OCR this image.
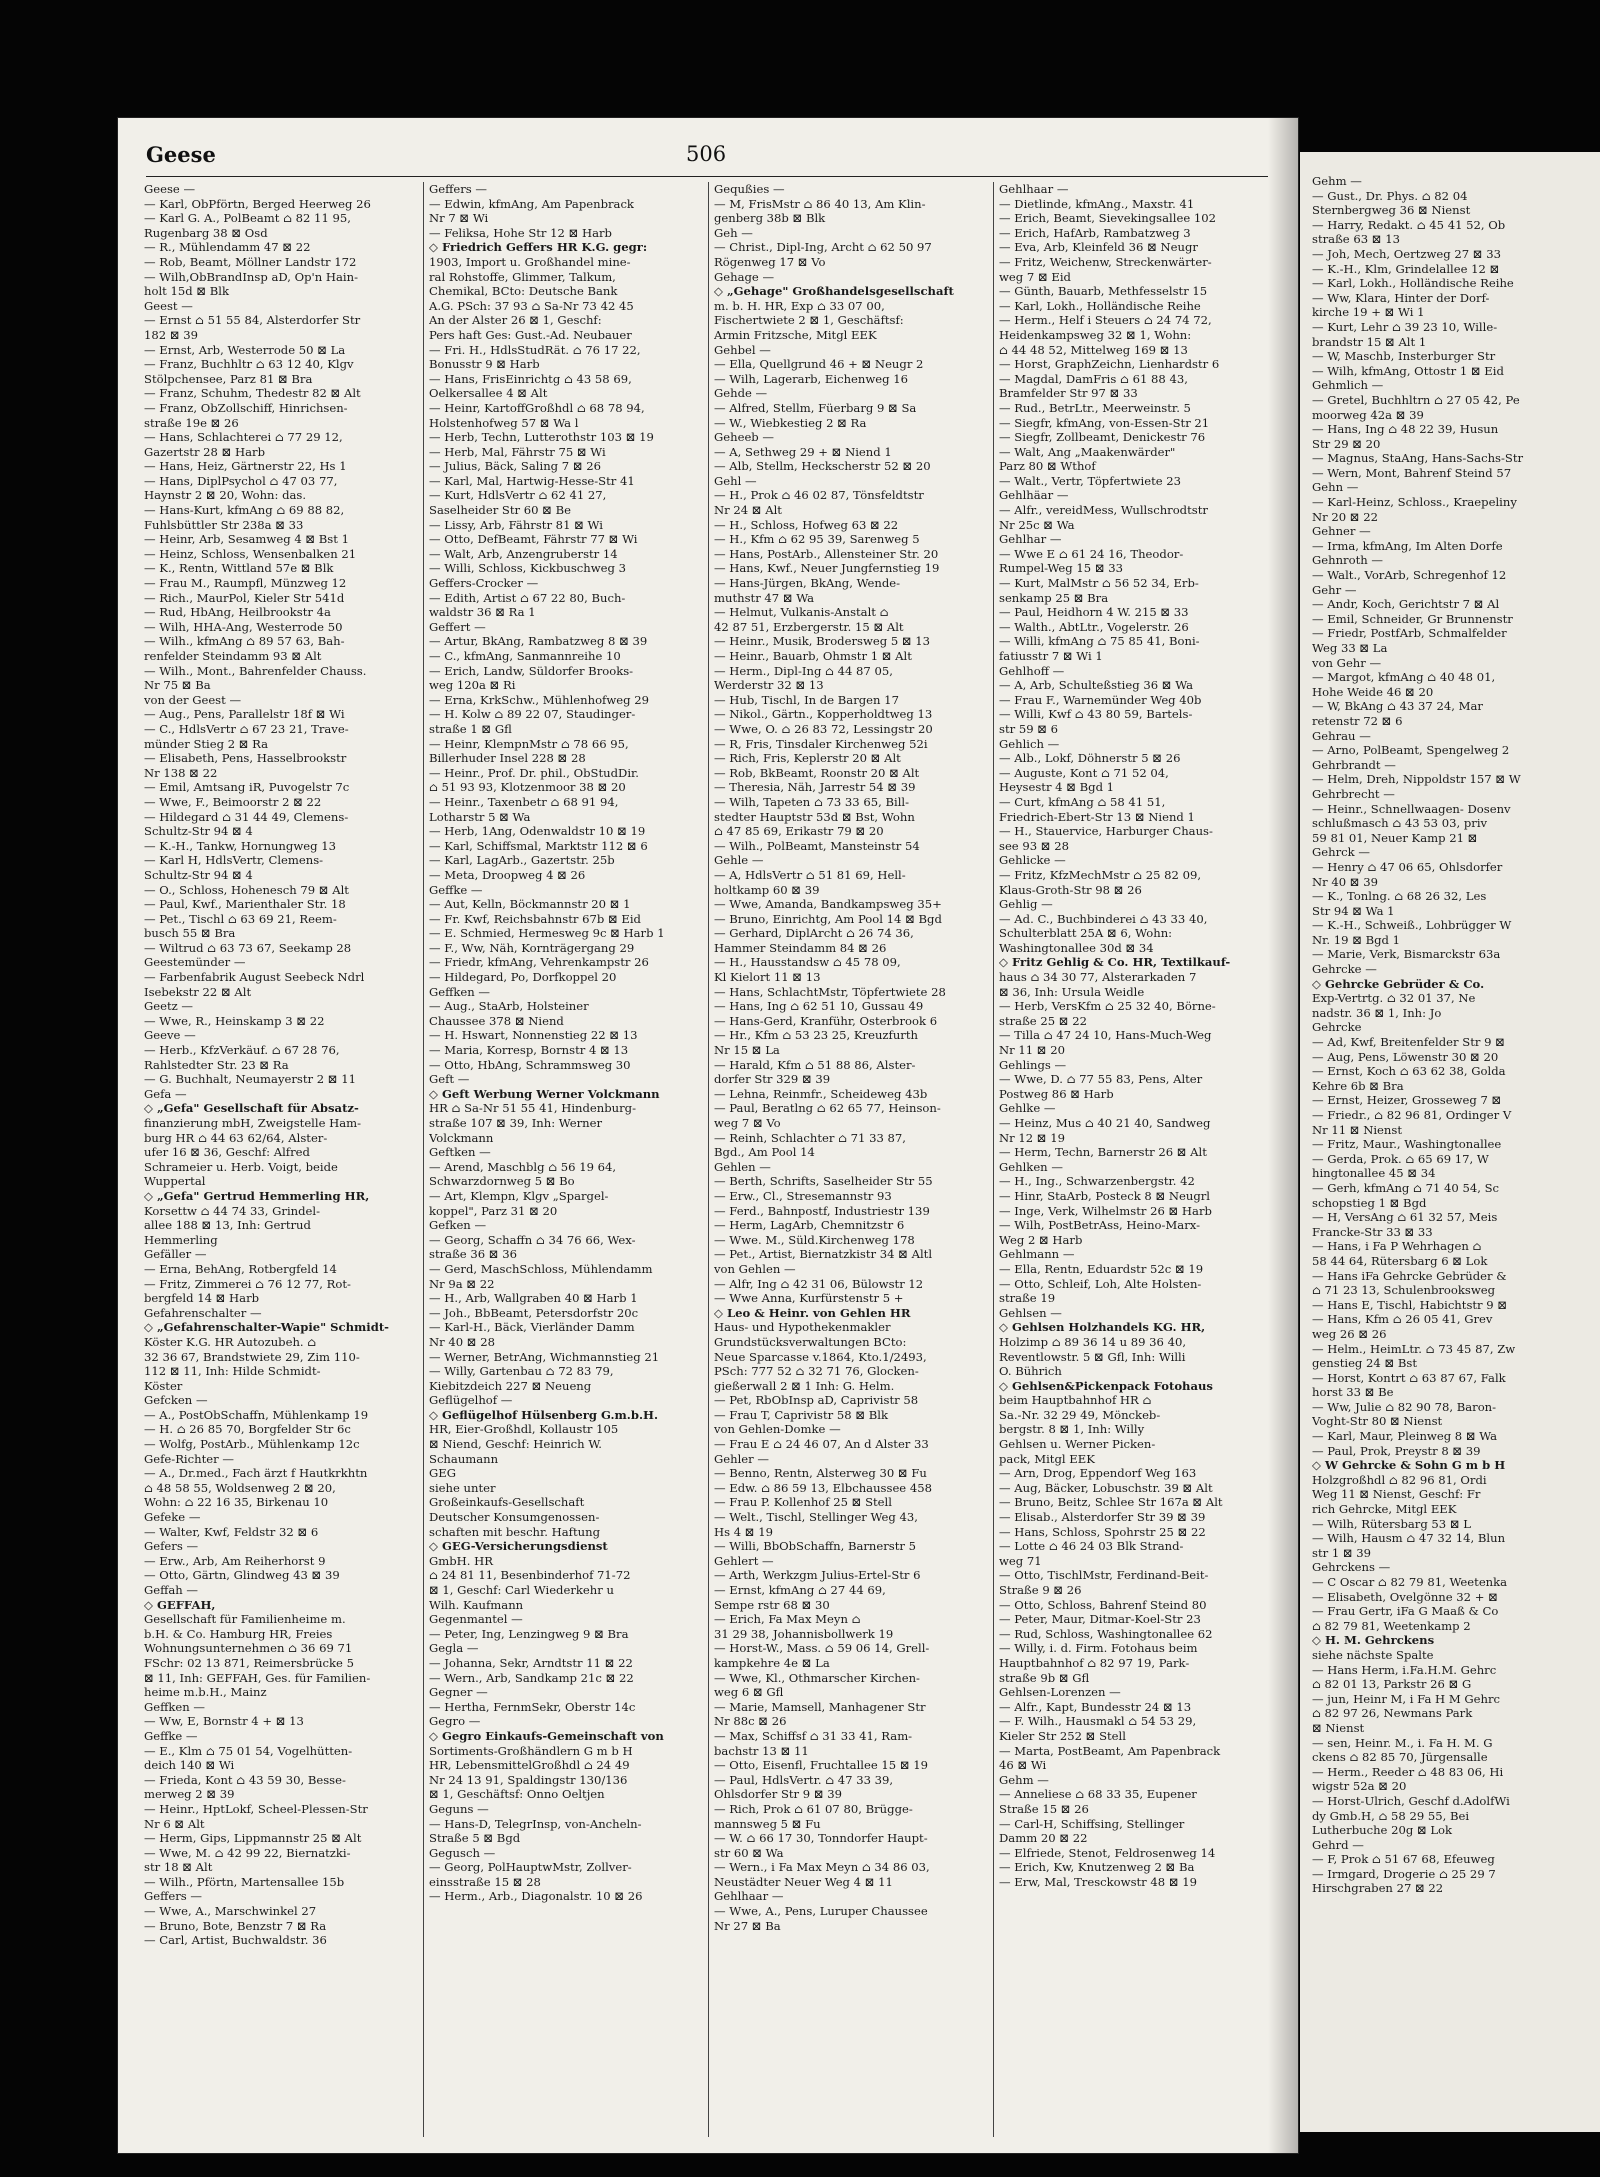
Gehm —
— Gust., Dr. Phys. ⌂ 82 04
Sternbergweg 36 ⊠ Nienst
— Harry, Redakt. ⌂ 45 41 52, Ob
straße 63 ⊠ 13
— Joh, Mech, Oertzweg 27 ⊠ 33
— K.-H., Klm, Grindelallee 12 ⊠
— Karl, Lokh., Holländische Reihe
— Ww, Klara, Hinter der Dorf-
kirche 19 + ⊠ Wi 1
— Kurt, Lehr ⌂ 39 23 10, Wille-
brandstr 15 ⊠ Alt 1
— W, Maschb, Insterburger Str
— Wilh, kfmAng, Ottostr 1 ⊠ Eid
Gehmlich —
— Gretel, Buchhltrn ⌂ 27 05 42, Pe
moorweg 42a ⊠ 39
— Hans, Ing ⌂ 48 22 39, Husun
Str 29 ⊠ 20
— Magnus, StaAng, Hans-Sachs-Str
— Wern, Mont, Bahrenf Steind 57
Gehn —
— Karl-Heinz, Schloss., Kraepeliny
Nr 20 ⊠ 22
Gehner —
— Irma, kfmAng, Im Alten Dorfe
Gehnroth —
— Walt., VorArb, Schregenhof 12
Gehr —
— Andr, Koch, Gerichtstr 7 ⊠ Al
— Emil, Schneider, Gr Brunnenstr
— Friedr, PostfArb, Schmalfelder
Weg 33 ⊠ La
von Gehr —
— Margot, kfmAng ⌂ 40 48 01,
Hohe Weide 46 ⊠ 20
— W, BkAng ⌂ 43 37 24, Mar
retenstr 72 ⊠ 6
Gehrau —
— Arno, PolBeamt, Spengelweg 2
Gehrbrandt —
— Helm, Dreh, Nippoldstr 157 ⊠ W
Gehrbrecht —
— Heinr., Schnellwaagen- Dosenv
schlußmasch ⌂ 43 53 03, priv
59 81 01, Neuer Kamp 21 ⊠
Gehrck —
— Henry ⌂ 47 06 65, Ohlsdorfer
Nr 40 ⊠ 39
— K., Tonlng. ⌂ 68 26 32, Les
Str 94 ⊠ Wa 1
— K.-H., Schweiß., Lohbrügger W
Nr. 19 ⊠ Bgd 1
— Marie, Verk, Bismarckstr 63a
Gehrcke —
◇ Gehrcke Gebrüder & Co.
Exp-Vertrtg. ⌂ 32 01 37, Ne
nadstr. 36 ⊠ 1, Inh: Jo
Gehrcke
— Ad, Kwf, Breitenfelder Str 9 ⊠
— Aug, Pens, Löwenstr 30 ⊠ 20
— Ernst, Koch ⌂ 63 62 38, Golda
Kehre 6b ⊠ Bra
— Ernst, Heizer, Grosseweg 7 ⊠
— Friedr., ⌂ 82 96 81, Ordinger V
Nr 11 ⊠ Nienst
— Fritz, Maur., Washingtonallee
— Gerda, Prok. ⌂ 65 69 17, W
hingtonallee 45 ⊠ 34
— Gerh, kfmAng ⌂ 71 40 54, Sc
schopstieg 1 ⊠ Bgd
— H, VersAng ⌂ 61 32 57, Meis
Francke-Str 33 ⊠ 33
— Hans, i Fa P Wehrhagen ⌂
58 44 64, Rütersbarg 6 ⊠ Lok
— Hans iFa Gehrcke Gebrüder &
⌂ 71 23 13, Schulenbrooksweg
— Hans E, Tischl, Habichtstr 9 ⊠
— Hans, Kfm ⌂ 26 05 41, Grev
weg 26 ⊠ 26
— Helm., HeimLtr. ⌂ 73 45 87, Zw
genstieg 24 ⊠ Bst
— Horst, Kontrt ⌂ 63 87 67, Falk
horst 33 ⊠ Be
— Ww, Julie ⌂ 82 90 78, Baron-
Voght-Str 80 ⊠ Nienst
— Karl, Maur, Pleinweg 8 ⊠ Wa
— Paul, Prok, Preystr 8 ⊠ 39
◇ W Gehrcke & Sohn G m b H
Holzgroßhdl ⌂ 82 96 81, Ordi
Weg 11 ⊠ Nienst, Geschf: Fr
rich Gehrcke, Mitgl EEK
— Wilh, Rütersbarg 53 ⊠ L
— Wilh, Hausm ⌂ 47 32 14, Blun
str 1 ⊠ 39
Gehrckens —
— C Oscar ⌂ 82 79 81, Weetenka
— Elisabeth, Ovelgönne 32 + ⊠
— Frau Gertr, iFa G Maaß & Co
⌂ 82 79 81, Weetenkamp 2
◇ H. M. Gehrckens
siehe nächste Spalte
— Hans Herm, i.Fa.H.M. Gehrc
⌂ 82 01 13, Parkstr 26 ⊠ G
— jun, Heinr M, i Fa H M Gehrc
⌂ 82 97 26, Newmans Park
⊠ Nienst
— sen, Heinr. M., i. Fa H. M. G
ckens ⌂ 82 85 70, Jürgensalle
— Herm., Reeder ⌂ 48 83 06, Hi
wigstr 52a ⊠ 20
— Horst-Ulrich, Geschf d.AdolfWi
dy Gmb.H, ⌂ 58 29 55, Bei
Lutherbuche 20g ⊠ Lok
Gehrd —
— F, Prok ⌂ 51 67 68, Efeuweg
— Irmgard, Drogerie ⌂ 25 29 7
Hirschgraben 27 ⊠ 22
Geese	506
Geese —
— Karl, ObPförtn, Berged Heerweg 26
— Karl G. A., PolBeamt ⌂ 82 11 95,
Rugenbarg 38 ⊠ Osd
— R., Mühlendamm 47 ⊠ 22
— Rob, Beamt, Möllner Landstr 172
— Wilh,ObBrandInsp aD, Op'n Hain-
holt 15d ⊠ Blk
Geest —
— Ernst ⌂ 51 55 84, Alsterdorfer Str
182 ⊠ 39
— Ernst, Arb, Westerrode 50 ⊠ La
— Franz, Buchhltr ⌂ 63 12 40, Klgv
Stölpchensee, Parz 81 ⊠ Bra
— Franz, Schuhm, Thedestr 82 ⊠ Alt
— Franz, ObZollschiff, Hinrichsen-
straße 19e ⊠ 26
— Hans, Schlachterei ⌂ 77 29 12,
Gazertstr 28 ⊠ Harb
— Hans, Heiz, Gärtnerstr 22, Hs 1
— Hans, DiplPsychol ⌂ 47 03 77,
Haynstr 2 ⊠ 20, Wohn: das.
— Hans-Kurt, kfmAng ⌂ 69 88 82,
Fuhlsbüttler Str 238a ⊠ 33
— Heinr, Arb, Sesamweg 4 ⊠ Bst 1
— Heinz, Schloss, Wensenbalken 21
— K., Rentn, Wittland 57e ⊠ Blk
— Frau M., Raumpfl, Münzweg 12
— Rich., MaurPol, Kieler Str 541d
— Rud, HbAng, Heilbrookstr 4a
— Wilh, HHA-Ang, Westerrode 50
— Wilh., kfmAng ⌂ 89 57 63, Bah-
renfelder Steindamm 93 ⊠ Alt
— Wilh., Mont., Bahrenfelder Chauss.
Nr 75 ⊠ Ba
von der Geest —
— Aug., Pens, Parallelstr 18f ⊠ Wi
— C., HdlsVertr ⌂ 67 23 21, Trave-
münder Stieg 2 ⊠ Ra
— Elisabeth, Pens, Hasselbrookstr
Nr 138 ⊠ 22
— Emil, Amtsang iR, Puvogelstr 7c
— Wwe, F., Beimoorstr 2 ⊠ 22
— Hildegard ⌂ 31 44 49, Clemens-
Schultz-Str 94 ⊠ 4
— K.-H., Tankw, Hornungweg 13
— Karl H, HdlsVertr, Clemens-
Schultz-Str 94 ⊠ 4
— O., Schloss, Hohenesch 79 ⊠ Alt
— Paul, Kwf., Marienthaler Str. 18
— Pet., Tischl ⌂ 63 69 21, Reem-
busch 55 ⊠ Bra
— Wiltrud ⌂ 63 73 67, Seekamp 28
Geestemünder —
— Farbenfabrik August Seebeck Ndrl
Isebekstr 22 ⊠ Alt
Geetz —
— Wwe, R., Heinskamp 3 ⊠ 22
Geeve —
— Herb., KfzVerkäuf. ⌂ 67 28 76,
Rahlstedter Str. 23 ⊠ Ra
— G. Buchhalt, Neumayerstr 2 ⊠ 11
Gefa —
◇ „Gefa" Gesellschaft für Absatz-
finanzierung mbH, Zweigstelle Ham-
burg HR ⌂ 44 63 62/64, Alster-
ufer 16 ⊠ 36, Geschf: Alfred
Schrameier u. Herb. Voigt, beide
Wuppertal
◇ „Gefa" Gertrud Hemmerling HR,
Korsettw ⌂ 44 74 33, Grindel-
allee 188 ⊠ 13, Inh: Gertrud
Hemmerling
Gefäller —
— Erna, BehAng, Rotbergfeld 14
— Fritz, Zimmerei ⌂ 76 12 77, Rot-
bergfeld 14 ⊠ Harb
Gefahrenschalter —
◇ „Gefahrenschalter-Wapie" Schmidt-
Köster K.G. HR Autozubeh. ⌂
32 36 67, Brandstwiete 29, Zim 110-
112 ⊠ 11, Inh: Hilde Schmidt-
Köster
Gefcken —
— A., PostObSchaffn, Mühlenkamp 19
— H. ⌂ 26 85 70, Borgfelder Str 6c
— Wolfg, PostArb., Mühlenkamp 12c
Gefe-Richter —
— A., Dr.med., Fach ärzt f Hautkrkhtn
⌂ 48 58 55, Woldsenweg 2 ⊠ 20,
Wohn: ⌂ 22 16 35, Birkenau 10
Gefeke —
— Walter, Kwf, Feldstr 32 ⊠ 6
Gefers —
— Erw., Arb, Am Reiherhorst 9
— Otto, Gärtn, Glindweg 43 ⊠ 39
Geffah —
◇ GEFFAH,
Gesellschaft für Familienheime m.
b.H. & Co. Hamburg HR, Freies
Wohnungsunternehmen ⌂ 36 69 71
FSchr: 02 13 871, Reimersbrücke 5
⊠ 11, Inh: GEFFAH, Ges. für Familien-
heime m.b.H., Mainz
Geffken —
— Ww, E, Bornstr 4 + ⊠ 13
Geffke —
— E., Klm ⌂ 75 01 54, Vogelhütten-
deich 140 ⊠ Wi
— Frieda, Kont ⌂ 43 59 30, Besse-
merweg 2 ⊠ 39
— Heinr., HptLokf, Scheel-Plessen-Str
Nr 6 ⊠ Alt
— Herm, Gips, Lippmannstr 25 ⊠ Alt
— Wwe, M. ⌂ 42 99 22, Biernatzki-
str 18 ⊠ Alt
— Wilh., Pförtn, Martensallee 15b
Geffers —
— Wwe, A., Marschwinkel 27
— Bruno, Bote, Benzstr 7 ⊠ Ra
— Carl, Artist, Buchwaldstr. 36
Geffers —
— Edwin, kfmAng, Am Papenbrack
Nr 7 ⊠ Wi
— Feliksa, Hohe Str 12 ⊠ Harb
◇ Friedrich Geffers HR K.G. gegr:
1903, Import u. Großhandel mine-
ral Rohstoffe, Glimmer, Talkum,
Chemikal, BCto: Deutsche Bank
A.G. PSch: 37 93 ⌂ Sa-Nr 73 42 45
An der Alster 26 ⊠ 1, Geschf:
Pers haft Ges: Gust.-Ad. Neubauer
— Fri. H., HdlsStudRät. ⌂ 76 17 22,
Bonusstr 9 ⊠ Harb
— Hans, FrisEinrichtg ⌂ 43 58 69,
Oelkersallee 4 ⊠ Alt
— Heinr, KartoffGroßhdl ⌂ 68 78 94,
Holstenhofweg 57 ⊠ Wa l
— Herb, Techn, Lutterothstr 103 ⊠ 19
— Herb, Mal, Fährstr 75 ⊠ Wi
— Julius, Bäck, Saling 7 ⊠ 26
— Karl, Mal, Hartwig-Hesse-Str 41
— Kurt, HdlsVertr ⌂ 62 41 27,
Saselheider Str 60 ⊠ Be
— Lissy, Arb, Fährstr 81 ⊠ Wi
— Otto, DefBeamt, Fährstr 77 ⊠ Wi
— Walt, Arb, Anzengruberstr 14
— Willi, Schloss, Kickbuschweg 3
Geffers-Crocker —
— Edith, Artist ⌂ 67 22 80, Buch-
waldstr 36 ⊠ Ra 1
Geffert —
— Artur, BkAng, Rambatzweg 8 ⊠ 39
— C., kfmAng, Sanmannreihe 10
— Erich, Landw, Süldorfer Brooks-
weg 120a ⊠ Ri
— Erna, KrkSchw., Mühlenhofweg 29
— H. Kolw ⌂ 89 22 07, Staudinger-
straße 1 ⊠ Gfl
— Heinr, KlempnMstr ⌂ 78 66 95,
Billerhuder Insel 228 ⊠ 28
— Heinr., Prof. Dr. phil., ObStudDir.
⌂ 51 93 93, Klotzenmoor 38 ⊠ 20
— Heinr., Taxenbetr ⌂ 68 91 94,
Lotharstr 5 ⊠ Wa
— Herb, 1Ang, Odenwaldstr 10 ⊠ 19
— Karl, Schiffsmal, Marktstr 112 ⊠ 6
— Karl, LagArb., Gazertstr. 25b
— Meta, Droopweg 4 ⊠ 26
Geffke —
— Aut, Kelln, Böckmannstr 20 ⊠ 1
— Fr. Kwf, Reichsbahnstr 67b ⊠ Eid
— E. Schmied, Hermesweg 9c ⊠ Harb 1
— F., Ww, Näh, Kornträgergang 29
— Friedr, kfmAng, Vehrenkampstr 26
— Hildegard, Po, Dorfkoppel 20
Geffken —
— Aug., StaArb, Holsteiner
Chaussee 378 ⊠ Niend
— H. Hswart, Nonnenstieg 22 ⊠ 13
— Maria, Korresp, Bornstr 4 ⊠ 13
— Otto, HbAng, Schrammsweg 30
Geft —
◇ Geft Werbung Werner Volckmann
HR ⌂ Sa-Nr 51 55 41, Hindenburg-
straße 107 ⊠ 39, Inh: Werner
Volckmann
Geftken —
— Arend, Maschblg ⌂ 56 19 64,
Schwarzdornweg 5 ⊠ Bo
— Art, Klempn, Klgv „Spargel-
koppel", Parz 31 ⊠ 20
Gefken —
— Georg, Schaffn ⌂ 34 76 66, Wex-
straße 36 ⊠ 36
— Gerd, MaschSchloss, Mühlendamm
Nr 9a ⊠ 22
— H., Arb, Wallgraben 40 ⊠ Harb 1
— Joh., BbBeamt, Petersdorfstr 20c
— Karl-H., Bäck, Vierländer Damm
Nr 40 ⊠ 28
— Werner, BetrAng, Wichmannstieg 21
— Willy, Gartenbau ⌂ 72 83 79,
Kiebitzdeich 227 ⊠ Neueng
Geflügelhof —
◇ Geflügelhof Hülsenberg G.m.b.H.
HR, Eier-Großhdl, Kollaustr 105
⊠ Niend, Geschf: Heinrich W.
Schaumann
GEG
siehe unter
Großeinkaufs-Gesellschaft
Deutscher Konsumgenossen-
schaften mit beschr. Haftung
◇ GEG-Versicherungsdienst
GmbH. HR
⌂ 24 81 11, Besenbinderhof 71-72
⊠ 1, Geschf: Carl Wiederkehr u
Wilh. Kaufmann
Gegenmantel —
— Peter, Ing, Lenzingweg 9 ⊠ Bra
Gegla —
— Johanna, Sekr, Arndtstr 11 ⊠ 22
— Wern., Arb, Sandkamp 21c ⊠ 22
Gegner —
— Hertha, FernmSekr, Oberstr 14c
Gegro —
◇ Gegro Einkaufs-Gemeinschaft von
Sortiments-Großhändlern G m b H
HR, LebensmittelGroßhdl ⌂ 24 49
Nr 24 13 91, Spaldingstr 130/136
⊠ 1, Geschäftsf: Onno Oeltjen
Geguns —
— Hans-D, TelegrInsp, von-Ancheln-
Straße 5 ⊠ Bgd
Gegusch —
— Georg, PolHauptwMstr, Zollver-
einsstraße 15 ⊠ 28
— Herm., Arb., Diagonalstr. 10 ⊠ 26
Gequßies —
— M, FrisMstr ⌂ 86 40 13, Am Klin-
genberg 38b ⊠ Blk
Geh —
— Christ., Dipl-Ing, Archt ⌂ 62 50 97
Rögenweg 17 ⊠ Vo
Gehage —
◇ „Gehage" Großhandelsgesellschaft
m. b. H. HR, Exp ⌂ 33 07 00,
Fischertwiete 2 ⊠ 1, Geschäftsf:
Armin Fritzsche, Mitgl EEK
Gehbel —
— Ella, Quellgrund 46 + ⊠ Neugr 2
— Wilh, Lagerarb, Eichenweg 16
Gehde —
— Alfred, Stellm, Füerbarg 9 ⊠ Sa
— W., Wiebkestieg 2 ⊠ Ra
Geheeb —
— A, Sethweg 29 + ⊠ Niend 1
— Alb, Stellm, Heckscherstr 52 ⊠ 20
Gehl —
— H., Prok ⌂ 46 02 87, Tönsfeldtstr
Nr 24 ⊠ Alt
— H., Schloss, Hofweg 63 ⊠ 22
— H., Kfm ⌂ 62 95 39, Sarenweg 5
— Hans, PostArb., Allensteiner Str. 20
— Hans, Kwf., Neuer Jungfernstieg 19
— Hans-Jürgen, BkAng, Wende-
muthstr 47 ⊠ Wa
— Helmut, Vulkanis-Anstalt ⌂
42 87 51, Erzbergerstr. 15 ⊠ Alt
— Heinr., Musik, Brodersweg 5 ⊠ 13
— Heinr., Bauarb, Ohmstr 1 ⊠ Alt
— Herm., Dipl-Ing ⌂ 44 87 05,
Werderstr 32 ⊠ 13
— Hub, Tischl, In de Bargen 17
— Nikol., Gärtn., Kopperholdtweg 13
— Wwe, O. ⌂ 26 83 72, Lessingstr 20
— R, Fris, Tinsdaler Kirchenweg 52i
— Rich, Fris, Keplerstr 20 ⊠ Alt
— Rob, BkBeamt, Roonstr 20 ⊠ Alt
— Theresia, Näh, Jarrestr 54 ⊠ 39
— Wilh, Tapeten ⌂ 73 33 65, Bill-
stedter Hauptstr 53d ⊠ Bst, Wohn
⌂ 47 85 69, Erikastr 79 ⊠ 20
— Wilh., PolBeamt, Mansteinstr 54
Gehle —
— A, HdlsVertr ⌂ 51 81 69, Hell-
holtkamp 60 ⊠ 39
— Wwe, Amanda, Bandkampsweg 35+
— Bruno, Einrichtg, Am Pool 14 ⊠ Bgd
— Gerhard, DiplArcht ⌂ 26 74 36,
Hammer Steindamm 84 ⊠ 26
— H., Hausstandsw ⌂ 45 78 09,
Kl Kielort 11 ⊠ 13
— Hans, SchlachtMstr, Töpfertwiete 28
— Hans, Ing ⌂ 62 51 10, Gussau 49
— Hans-Gerd, Kranführ, Osterbrook 6
— Hr., Kfm ⌂ 53 23 25, Kreuzfurth
Nr 15 ⊠ La
— Harald, Kfm ⌂ 51 88 86, Alster-
dorfer Str 329 ⊠ 39
— Lehna, Reinmfr., Scheideweg 43b
— Paul, Beratlng ⌂ 62 65 77, Heinson-
weg 7 ⊠ Vo
— Reinh, Schlachter ⌂ 71 33 87,
Bgd., Am Pool 14
Gehlen —
— Berth, Schrifts, Saselheider Str 55
— Erw., Cl., Stresemannstr 93
— Ferd., Bahnpostf, Industriestr 139
— Herm, LagArb, Chemnitzstr 6
— Wwe. M., Süld.Kirchenweg 178
— Pet., Artist, Biernatzkistr 34 ⊠ Altl
von Gehlen —
— Alfr, Ing ⌂ 42 31 06, Bülowstr 12
— Wwe Anna, Kurfürstenstr 5 +
◇ Leo & Heinr. von Gehlen HR
Haus- und Hypothekenmakler
Grundstücksverwaltungen BCto:
Neue Sparcasse v.1864, Kto.1/2493,
PSch: 777 52 ⌂ 32 71 76, Glocken-
gießerwall 2 ⊠ 1 Inh: G. Helm.
— Pet, RbObInsp aD, Caprivistr 58
— Frau T, Caprivistr 58 ⊠ Blk
von Gehlen-Domke —
— Frau E ⌂ 24 46 07, An d Alster 33
Gehler —
— Benno, Rentn, Alsterweg 30 ⊠ Fu
— Edw. ⌂ 86 59 13, Elbchaussee 458
— Frau P. Kollenhof 25 ⊠ Stell
— Welt., Tischl, Stellinger Weg 43,
Hs 4 ⊠ 19
— Willi, BbObSchaffn, Barnerstr 5
Gehlert —
— Arth, Werkzgm Julius-Ertel-Str 6
— Ernst, kfmAng ⌂ 27 44 69,
Sempe rstr 68 ⊠ 30
— Erich, Fa Max Meyn ⌂
31 29 38, Johannisbollwerk 19
— Horst-W., Mass. ⌂ 59 06 14, Grell-
kampkehre 4e ⊠ La
— Wwe, Kl., Othmarscher Kirchen-
weg 6 ⊠ Gfl
— Marie, Mamsell, Manhagener Str
Nr 88c ⊠ 26
— Max, Schiffsf ⌂ 31 33 41, Ram-
bachstr 13 ⊠ 11
— Otto, Eisenfl, Fruchtallee 15 ⊠ 19
— Paul, HdlsVertr. ⌂ 47 33 39,
Ohlsdorfer Str 9 ⊠ 39
— Rich, Prok ⌂ 61 07 80, Brügge-
mannsweg 5 ⊠ Fu
— W. ⌂ 66 17 30, Tonndorfer Haupt-
str 60 ⊠ Wa
— Wern., i Fa Max Meyn ⌂ 34 86 03,
Neustädter Neuer Weg 4 ⊠ 11
Gehlhaar —
— Wwe, A., Pens, Luruper Chaussee
Nr 27 ⊠ Ba
Gehlhaar —
— Dietlinde, kfmAng., Maxstr. 41
— Erich, Beamt, Sievekingsallee 102
— Erich, HafArb, Rambatzweg 3
— Eva, Arb, Kleinfeld 36 ⊠ Neugr
— Fritz, Weichenw, Streckenwärter-
weg 7 ⊠ Eid
— Günth, Bauarb, Methfesselstr 15
— Karl, Lokh., Holländische Reihe
— Herm., Helf i Steuers ⌂ 24 74 72,
Heidenkampsweg 32 ⊠ 1, Wohn:
⌂ 44 48 52, Mittelweg 169 ⊠ 13
— Horst, GraphZeichn, Lienhardstr 6
— Magdal, DamFris ⌂ 61 88 43,
Bramfelder Str 97 ⊠ 33
— Rud., BetrLtr., Meerweinstr. 5
— Siegfr, kfmAng, von-Essen-Str 21
— Siegfr, Zollbeamt, Denickestr 76
— Walt, Ang „Maakenwärder"
Parz 80 ⊠ Wthof
— Walt., Vertr, Töpfertwiete 23
Gehlhäar —
— Alfr., vereidMess, Wullschrodtstr
Nr 25c ⊠ Wa
Gehlhar —
— Wwe E ⌂ 61 24 16, Theodor-
Rumpel-Weg 15 ⊠ 33
— Kurt, MalMstr ⌂ 56 52 34, Erb-
senkamp 25 ⊠ Bra
— Paul, Heidhorn 4 W. 215 ⊠ 33
— Walth., AbtLtr., Vogelerstr. 26
— Willi, kfmAng ⌂ 75 85 41, Boni-
fatiusstr 7 ⊠ Wi 1
Gehlhoff —
— A, Arb, Schulteßstieg 36 ⊠ Wa
— Frau F., Warnemünder Weg 40b
— Willi, Kwf ⌂ 43 80 59, Bartels-
str 59 ⊠ 6
Gehlich —
— Alb., Lokf, Döhnerstr 5 ⊠ 26
— Auguste, Kont ⌂ 71 52 04,
Heysestr 4 ⊠ Bgd 1
— Curt, kfmAng ⌂ 58 41 51,
Friedrich-Ebert-Str 13 ⊠ Niend 1
— H., Stauervice, Harburger Chaus-
see 93 ⊠ 28
Gehlicke —
— Fritz, KfzMechMstr ⌂ 25 82 09,
Klaus-Groth-Str 98 ⊠ 26
Gehlig —
— Ad. C., Buchbinderei ⌂ 43 33 40,
Schulterblatt 25A ⊠ 6, Wohn:
Washingtonallee 30d ⊠ 34
◇ Fritz Gehlig & Co. HR, Textilkauf-
haus ⌂ 34 30 77, Alsterarkaden 7
⊠ 36, Inh: Ursula Weidle
— Herb, VersKfm ⌂ 25 32 40, Börne-
straße 25 ⊠ 22
— Tilla ⌂ 47 24 10, Hans-Much-Weg
Nr 11 ⊠ 20
Gehlings —
— Wwe, D. ⌂ 77 55 83, Pens, Alter
Postweg 86 ⊠ Harb
Gehlke —
— Heinz, Mus ⌂ 40 21 40, Sandweg
Nr 12 ⊠ 19
— Herm, Techn, Barnerstr 26 ⊠ Alt
Gehlken —
— H., Ing., Schwarzenbergstr. 42
— Hinr, StaArb, Posteck 8 ⊠ Neugrl
— Inge, Verk, Wilhelmstr 26 ⊠ Harb
— Wilh, PostBetrAss, Heino-Marx-
Weg 2 ⊠ Harb
Gehlmann —
— Ella, Rentn, Eduardstr 52c ⊠ 19
— Otto, Schleif, Loh, Alte Holsten-
straße 19
Gehlsen —
◇ Gehlsen Holzhandels KG. HR,
Holzimp ⌂ 89 36 14 u 89 36 40,
Reventlowstr. 5 ⊠ Gfl, Inh: Willi
O. Bührich
◇ Gehlsen&Pickenpack Fotohaus
beim Hauptbahnhof HR ⌂
Sa.-Nr. 32 29 49, Mönckeb-
bergstr. 8 ⊠ 1, Inh: Willy
Gehlsen u. Werner Picken-
pack, Mitgl EEK
— Arn, Drog, Eppendorf Weg 163
— Aug, Bäcker, Lobuschstr. 39 ⊠ Alt
— Bruno, Beitz, Schlee Str 167a ⊠ Alt
— Elisab., Alsterdorfer Str 39 ⊠ 39
— Hans, Schloss, Spohrstr 25 ⊠ 22
— Lotte ⌂ 46 24 03 Blk Strand-
weg 71
— Otto, TischlMstr, Ferdinand-Beit-
Straße 9 ⊠ 26
— Otto, Schloss, Bahrenf Steind 80
— Peter, Maur, Ditmar-Koel-Str 23
— Rud, Schloss, Washingtonallee 62
— Willy, i. d. Firm. Fotohaus beim
Hauptbahnhof ⌂ 82 97 19, Park-
straße 9b ⊠ Gfl
Gehlsen-Lorenzen —
— Alfr., Kapt, Bundesstr 24 ⊠ 13
— F. Wilh., Hausmakl ⌂ 54 53 29,
Kieler Str 252 ⊠ Stell
— Marta, PostBeamt, Am Papenbrack
46 ⊠ Wi
Gehm —
— Anneliese ⌂ 68 33 35, Eupener
Straße 15 ⊠ 26
— Carl-H, Schiffsing, Stellinger
Damm 20 ⊠ 22
— Elfriede, Stenot, Feldrosenweg 14
— Erich, Kw, Knutzenweg 2 ⊠ Ba
— Erw, Mal, Tresckowstr 48 ⊠ 19
